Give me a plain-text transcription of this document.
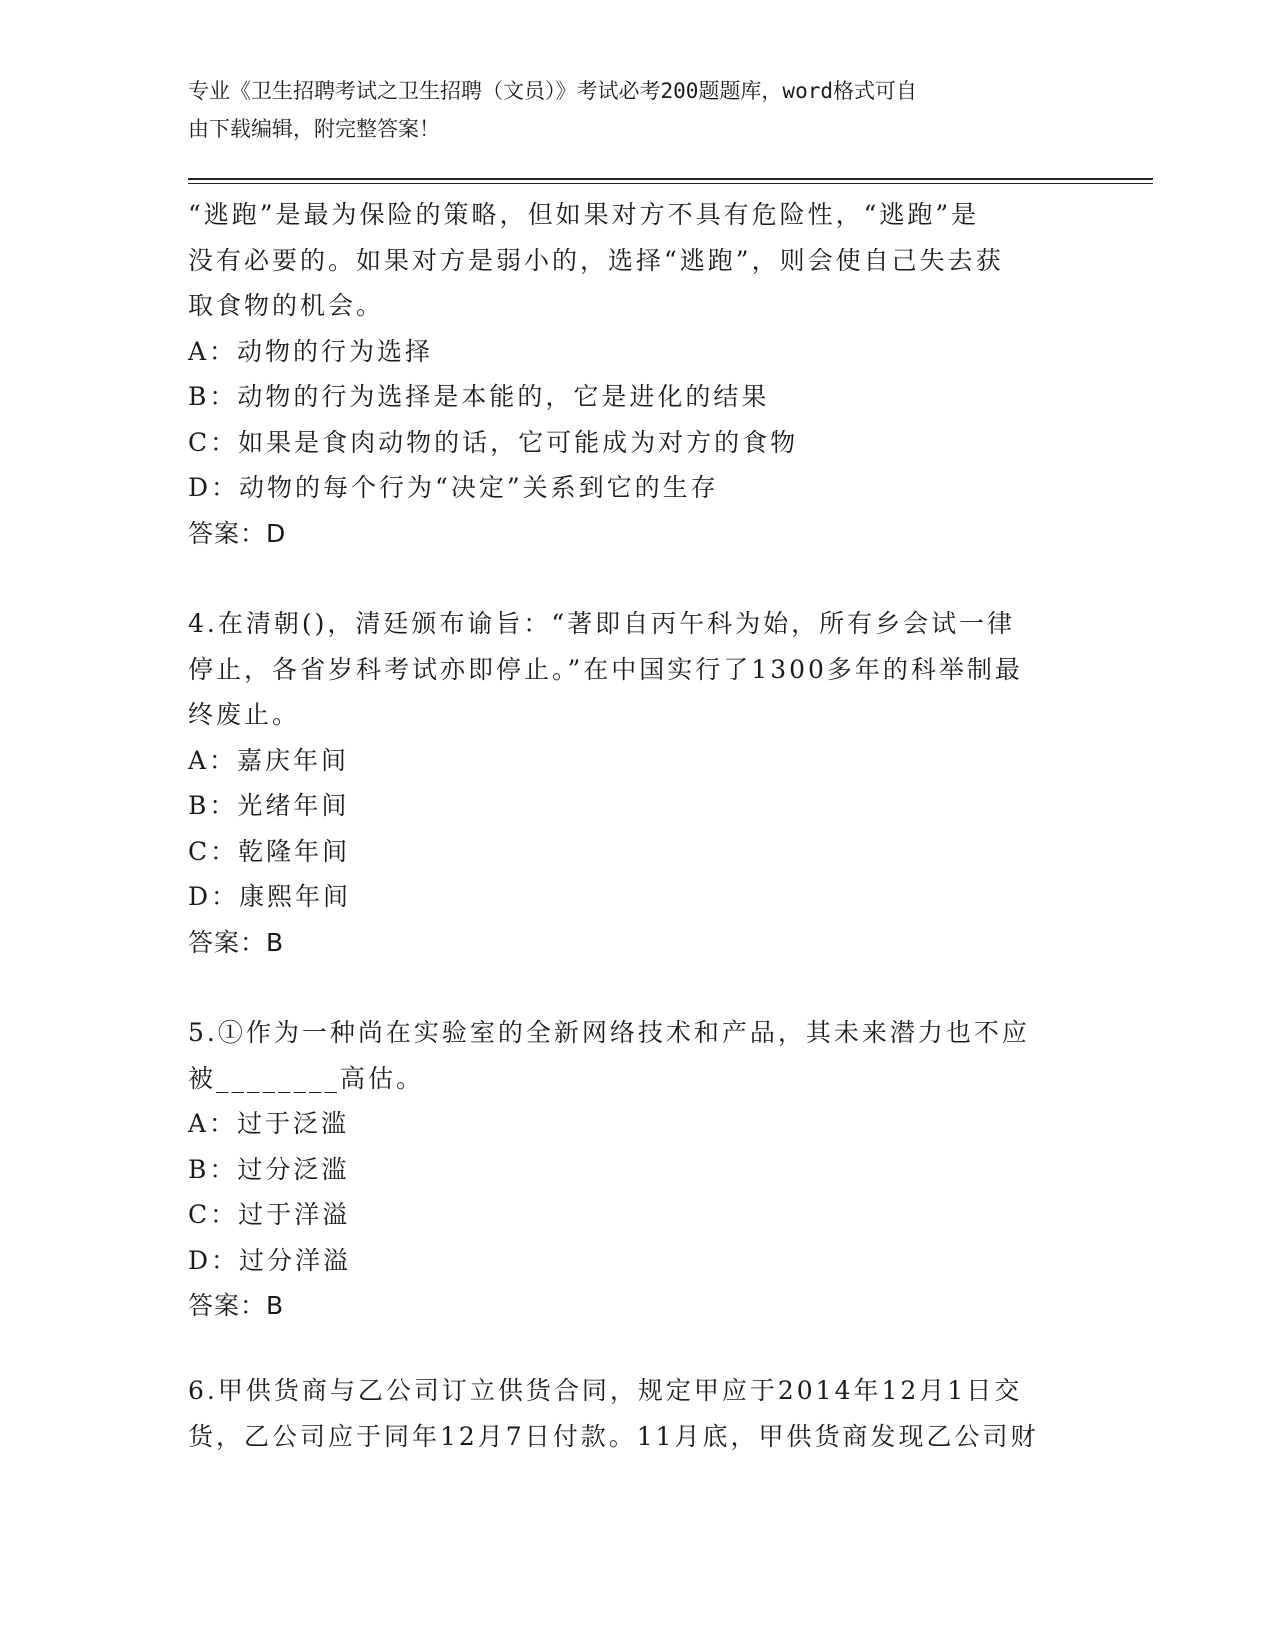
专业《卫生招聘考试之卫生招聘（文员）》考试必考200题题库，word格式可自
由下载编辑，附完整答案！

“逃跑”是最为保险的策略，但如果对方不具有危险性，“逃跑”是

没有必要的。如果对方是弱小的，选择“逃跑”，则会使自己失去获

取食物的机会。

A：动物的行为选择

B：动物的行为选择是本能的，它是进化的结果

C：如果是食肉动物的话，它可能成为对方的食物

D：动物的每个行为“决定”关系到它的生存

答案：D

4.在清朝()，清廷颁布谕旨：“著即自丙午科为始，所有乡会试一律

停止，各省岁科考试亦即停止。”在中国实行了1300多年的科举制最

终废止。

A：嘉庆年间

B：光绪年间

C：乾隆年间

D：康熙年间

答案：B

5.①作为一种尚在实验室的全新网络技术和产品，其未来潜力也不应

被________高估。

A：过于泛滥

B：过分泛滥

C：过于洋溢

D：过分洋溢

答案：B

6.甲供货商与乙公司订立供货合同，规定甲应于2014年12月1日交

货，乙公司应于同年12月7日付款。11月底，甲供货商发现乙公司财
